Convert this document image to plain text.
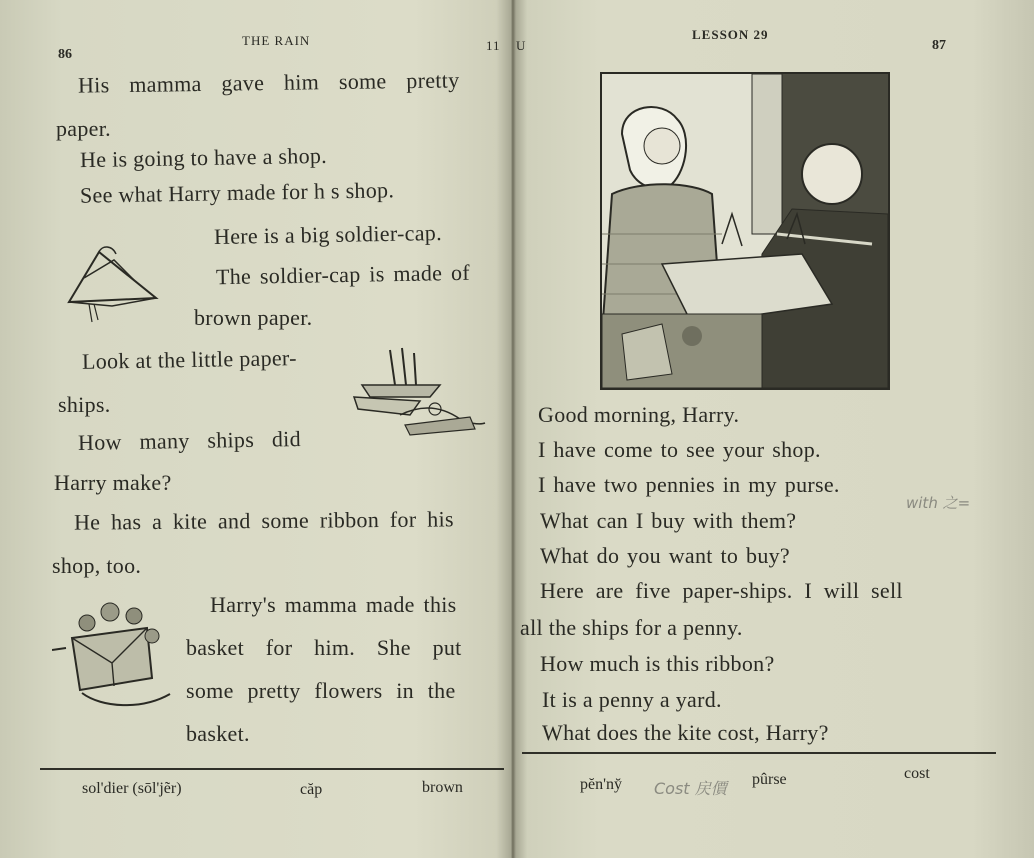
86
THE RAIN	11
His mamma gave him some pretty
paper.
He is going to have a shop.
See what Harry made for h s shop.
Here is a big soldier-cap.
The soldier-cap is made of
brown paper.
Look at the little paper-
ships.
How many ships did
Harry make?
He has a kite and some ribbon for his
shop, too.
Harry's mamma made this
basket for him. She put
some pretty flowers in the
basket.
sol'dier (sōl'jẽr)	căp	brown
U
LESSON 29
87
Good morning, Harry.
I have come to see your shop.
I have two pennies in my purse.
What can I buy with them?
What do you want to buy?
Here are five paper-ships. I will sell
all the ships for a penny.
How much is this ribbon?
It is a penny a yard.
What does the kite cost, Harry?
with 之=
pĕn'ny̆ Cost 戻價 pûrse	cost
